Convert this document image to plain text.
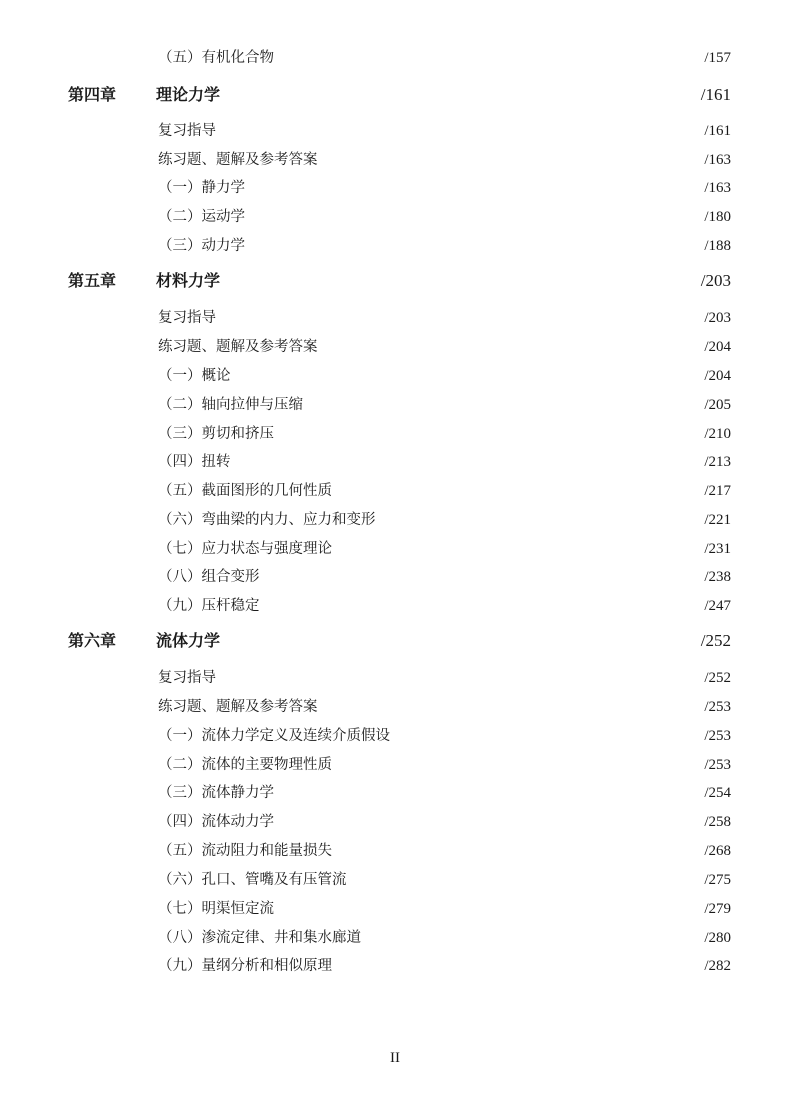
（五）有机化合物	/157
第四章 理论力学	/161
复习指导	/161
练习题、题解及参考答案	/163
（一）静力学	/163
（二）运动学	/180
（三）动力学	/188
第五章 材料力学	/203
复习指导	/203
练习题、题解及参考答案	/204
（一）概论	/204
（二）轴向拉伸与压缩	/205
（三）剪切和挤压	/210
（四）扭转	/213
（五）截面图形的几何性质	/217
（六）弯曲梁的内力、应力和变形	/221
（七）应力状态与强度理论	/231
（八）组合变形	/238
（九）压杆稳定	/247
第六章 流体力学	/252
复习指导	/252
练习题、题解及参考答案	/253
（一）流体力学定义及连续介质假设	/253
（二）流体的主要物理性质	/253
（三）流体静力学	/254
（四）流体动力学	/258
（五）流动阻力和能量损失	/268
（六）孔口、管嘴及有压管流	/275
（七）明渠恒定流	/279
（八）渗流定律、井和集水廊道	/280
（九）量纲分析和相似原理	/282
II
